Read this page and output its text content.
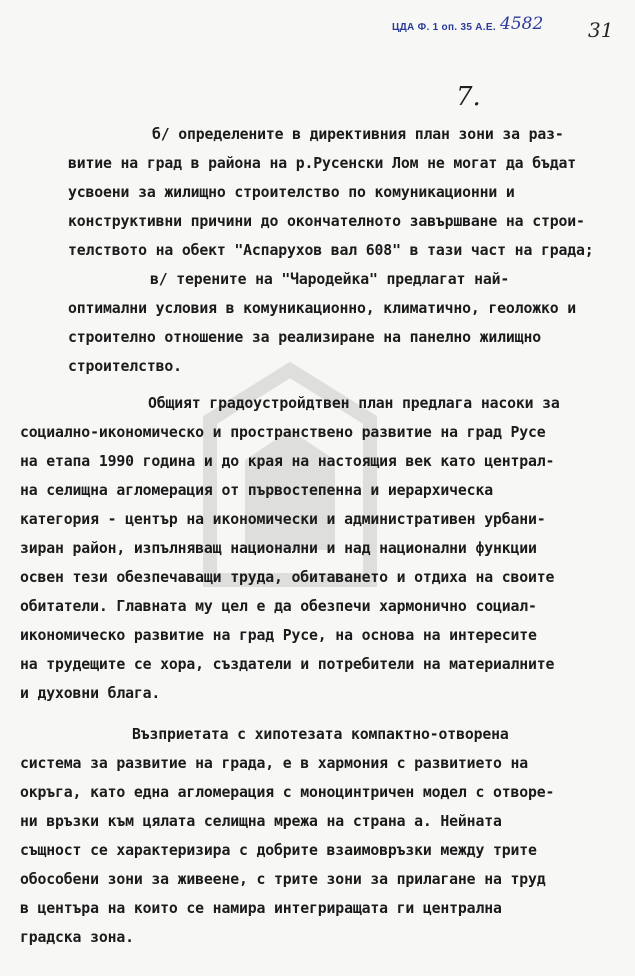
ЦДА Ф. 1 оп. 35 А.Е. 4582 31
7.
б/ определените в директивния план зони за раз-
витие на град в района на р.Русенски Лом не могат да бъдат
усвоени за жилищно строителство по комуникационни и
конструктивни причини до окончателното завършване на строи-
телството на обект "Аспарухов вал 608" в тази част на града;
в/ терените на "Чародейка" предлагат най-
оптимални условия в комуникационно, климатично, геоложко и
строително отношение за реализиране на панелно жилищно
строителство.
Общият градоустройдтвен план предлага насоки за
социално-икономическо и пространствено развитие на град Русе
на етапа 1990 година и до края на настоящия век като централ-
на селищна агломерация от първостепенна и иерархическа
категория - център на икономически и административен урбани-
зиран район, изпълняващ национални и над национални функции
освен тези обезпечаващи труда, обитаването и отдиха на своите
обитатели. Главната му цел е да обезпечи хармонично социал-
икономическо развитие на град Русе, на основа на интересите
на трудещите се хора, създатели и потребители на материалните
и духовни блага.
Възприетата с хипотезата компактно-отворена
система за развитие на града, е в хармония с развитието на
окръга, като една агломерация с моноцинтричен модел с отворе-
ни връзки към цялата селищна мрежа на страна а. Нейната
същност се характеризира с добрите взаимовръзки между трите
обособени зони за живеене, с трите зони за прилагане на труд
в центъра на които се намира интегриращата ги централна
градска зона.
